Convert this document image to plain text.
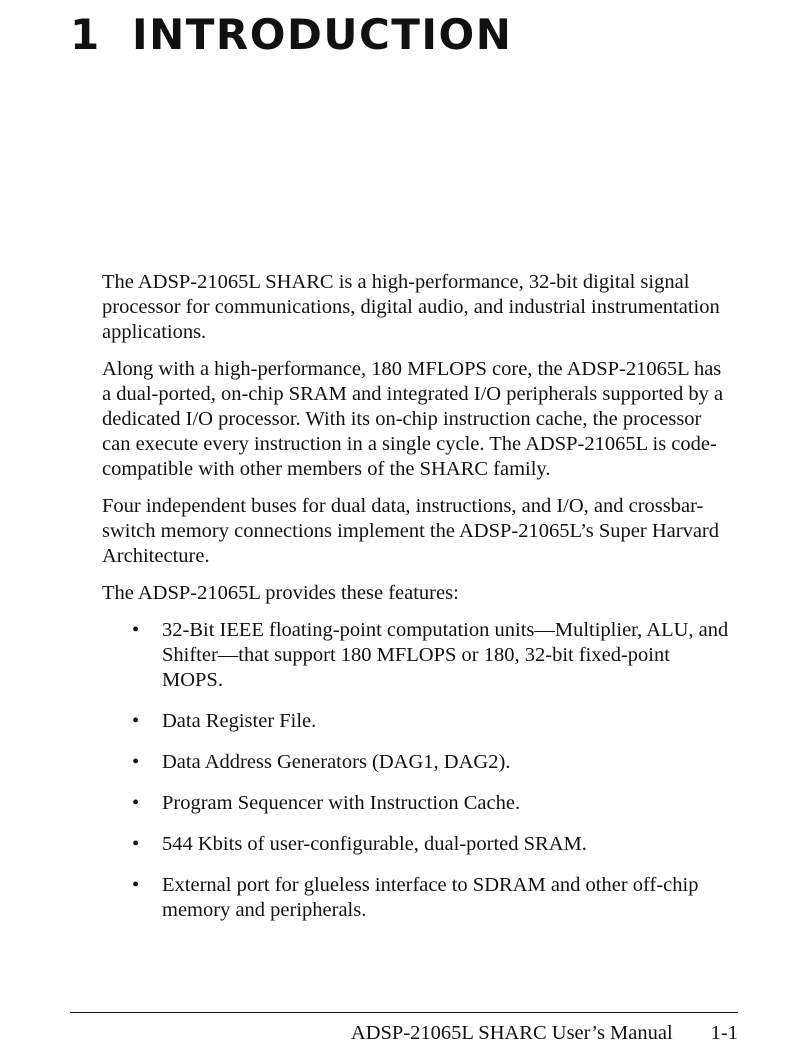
1 INTRODUCTION

The ADSP-21065L SHARC is a high-performance, 32-bit digital signal processor for communications, digital audio, and industrial instrumentation applications.

Along with a high-performance, 180 MFLOPS core, the ADSP-21065L has a dual-ported, on-chip SRAM and integrated I/O peripherals supported by a dedicated I/O processor. With its on-chip instruction cache, the processor can execute every instruction in a single cycle. The ADSP-21065L is code-compatible with other members of the SHARC family.

Four independent buses for dual data, instructions, and I/O, and crossbar-switch memory connections implement the ADSP-21065L’s Super Harvard Architecture.

The ADSP-21065L provides these features:

• 32-Bit IEEE floating-point computation units—Multiplier, ALU, and Shifter—that support 180 MFLOPS or 180, 32-bit fixed-point MOPS.
• Data Register File.
• Data Address Generators (DAG1, DAG2).
• Program Sequencer with Instruction Cache.
• 544 Kbits of user-configurable, dual-ported SRAM.
• External port for glueless interface to SDRAM and other off-chip memory and peripherals.
ADSP-21065L SHARC User’s Manual 1-1
